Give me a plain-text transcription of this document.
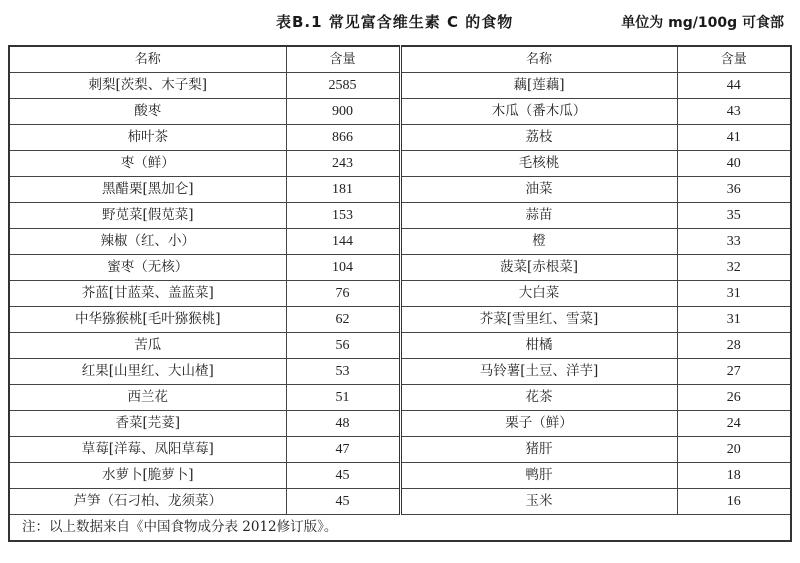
表B.1 常见富含维生素 C 的食物	单位为 mg/100g 可食部
名称	含量	名称	含量
刺梨[茨梨、木子梨]	2585	藕[莲藕]	44
酸枣	900	木瓜（番木瓜）	43
柿叶茶	866	荔枝	41
枣（鲜）	243	毛核桃	40
黑醋栗[黑加仑]	181	油菜	36
野苋菜[假苋菜]	153	蒜苗	35
辣椒（红、小）	144	橙	33
蜜枣（无核）	104	菠菜[赤根菜]	32
芥蓝[甘蓝菜、盖蓝菜]	76	大白菜	31
中华猕猴桃[毛叶猕猴桃]	62	芥菜[雪里红、雪菜]	31
苦瓜	56	柑橘	28
红果[山里红、大山楂]	53	马铃薯[土豆、洋芋]	27
西兰花	51	花茶	26
香菜[芫荽]	48	栗子（鲜）	24
草莓[洋莓、凤阳草莓]	47	猪肝	20
水萝卜[脆萝卜]	45	鸭肝	18
芦笋（石刁柏、龙须菜）	45	玉米	16
注：以上数据来自《中国食物成分表 2012修订版》。			
